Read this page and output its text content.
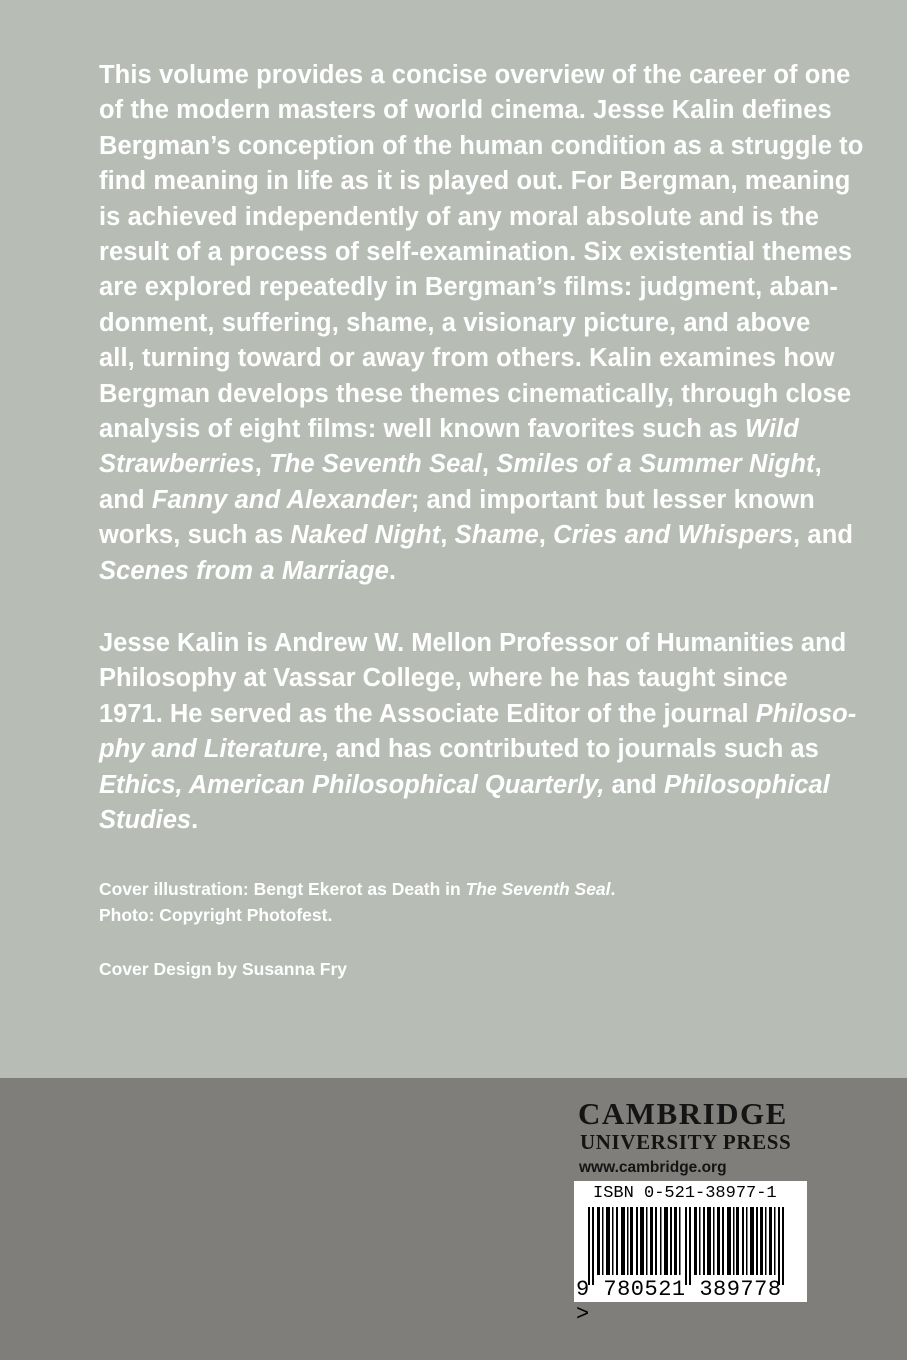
This volume provides a concise overview of the career of one
of the modern masters of world cinema. Jesse Kalin defines
Bergman’s conception of the human condition as a struggle to
find meaning in life as it is played out. For Bergman, meaning
is achieved independently of any moral absolute and is the
result of a process of self-examination. Six existential themes
are explored repeatedly in Bergman’s films: judgment, aban-
donment, suffering, shame, a visionary picture, and above
all, turning toward or away from others. Kalin examines how
Bergman develops these themes cinematically, through close
analysis of eight films: well known favorites such as Wild
Strawberries, The Seventh Seal, Smiles of a Summer Night,
and Fanny and Alexander; and important but lesser known
works, such as Naked Night, Shame, Cries and Whispers, and
Scenes from a Marriage.
Jesse Kalin is Andrew W. Mellon Professor of Humanities and
Philosophy at Vassar College, where he has taught since
1971. He served as the Associate Editor of the journal Philoso-
phy and Literature, and has contributed to journals such as
Ethics, American Philosophical Quarterly, and Philosophical
Studies.
Cover illustration: Bengt Ekerot as Death in The Seventh Seal.
Photo: Copyright Photofest.
Cover Design by Susanna Fry
CAMBRIDGE
UNIVERSITY PRESS
www.cambridge.org
ISBN 0-521-38977-1
9 780521 389778 >
